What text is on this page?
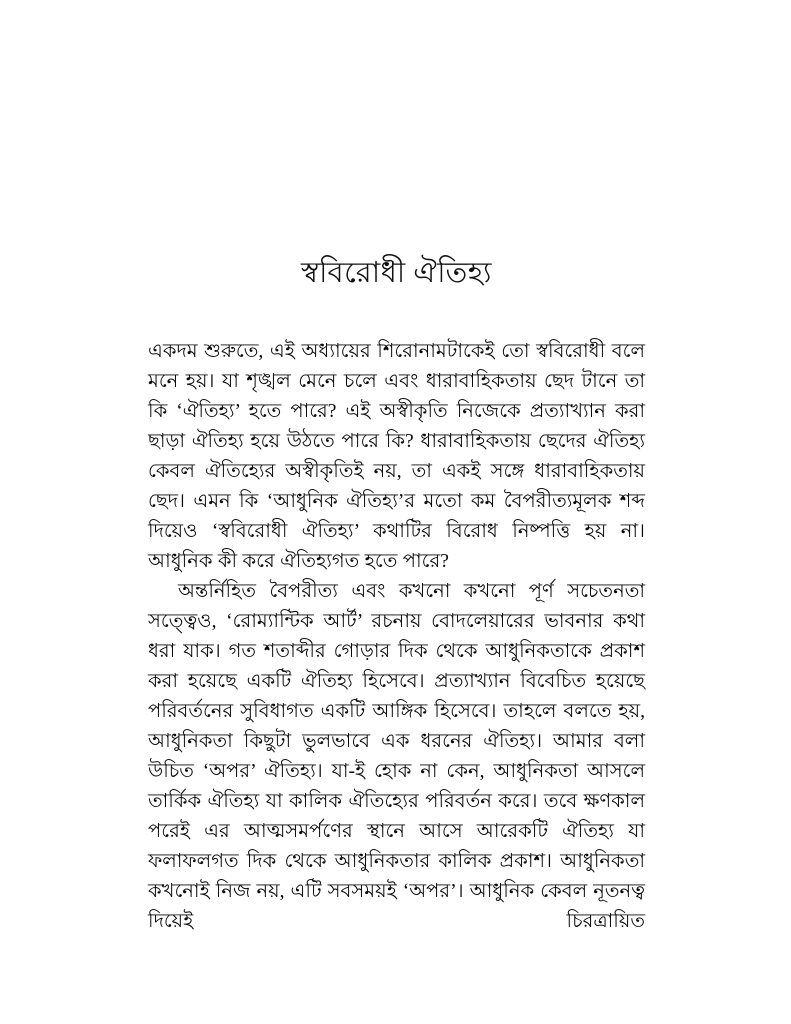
স্ববিরোধী ঐতিহ্য

একদম শুরুতে, এই অধ্যায়ের শিরোনামটাকেই তো স্ববিরোধী বলে মনে হয়। যা শৃঙ্খল মেনে চলে এবং ধারাবাহিকতায় ছেদ টানে তা কি ‘ঐতিহ্য’ হতে পারে? এই অস্বীকৃতি নিজেকে প্রত্যাখ্যান করা ছাড়া ঐতিহ্য হয়ে উঠতে পারে কি? ধারাবাহিকতায় ছেদের ঐতিহ্য কেবল ঐতিহ্যের অস্বীকৃতিই নয়, তা একই সঙ্গে ধারাবাহিকতায় ছেদ। এমন কি ‘আধুনিক ঐতিহ্য’র মতো কম বৈপরীত্যমূলক শব্দ দিয়েও ‘স্ববিরোধী ঐতিহ্য’ কথাটির বিরোধ নিষ্পত্তি হয় না। আধুনিক কী করে ঐতিহ্যগত হতে পারে?

অন্তর্নিহিত বৈপরীত্য এবং কখনো কখনো পূর্ণ সচেতনতা সত্ত্বেও, ‘রোম্যান্টিক আর্ট’ রচনায় বোদলেয়ারের ভাবনার কথা ধরা যাক। গত শতাব্দীর গোড়ার দিক থেকে আধুনিকতাকে প্রকাশ করা হয়েছে একটি ঐতিহ্য হিসেবে। প্রত্যাখ্যান বিবেচিত হয়েছে পরিবর্তনের সুবিধাগত একটি আঙ্গিক হিসেবে। তাহলে বলতে হয়, আধুনিকতা কিছুটা ভুলভাবে এক ধরনের ঐতিহ্য। আমার বলা উচিত ‘অপর’ ঐতিহ্য। যা-ই হোক না কেন, আধুনিকতা আসলে তার্কিক ঐতিহ্য যা কালিক ঐতিহ্যের পরিবর্তন করে। তবে ক্ষণকাল পরেই এর আত্মসমর্পণের স্থানে আসে আরেকটি ঐতিহ্য যা ফলাফলগত দিক থেকে আধুনিকতার কালিক প্রকাশ। আধুনিকতা কখনোই নিজ নয়, এটি সবসময়ই ‘অপর’। আধুনিক কেবল নূতনত্ব দিয়েই চিরত্রায়িত
